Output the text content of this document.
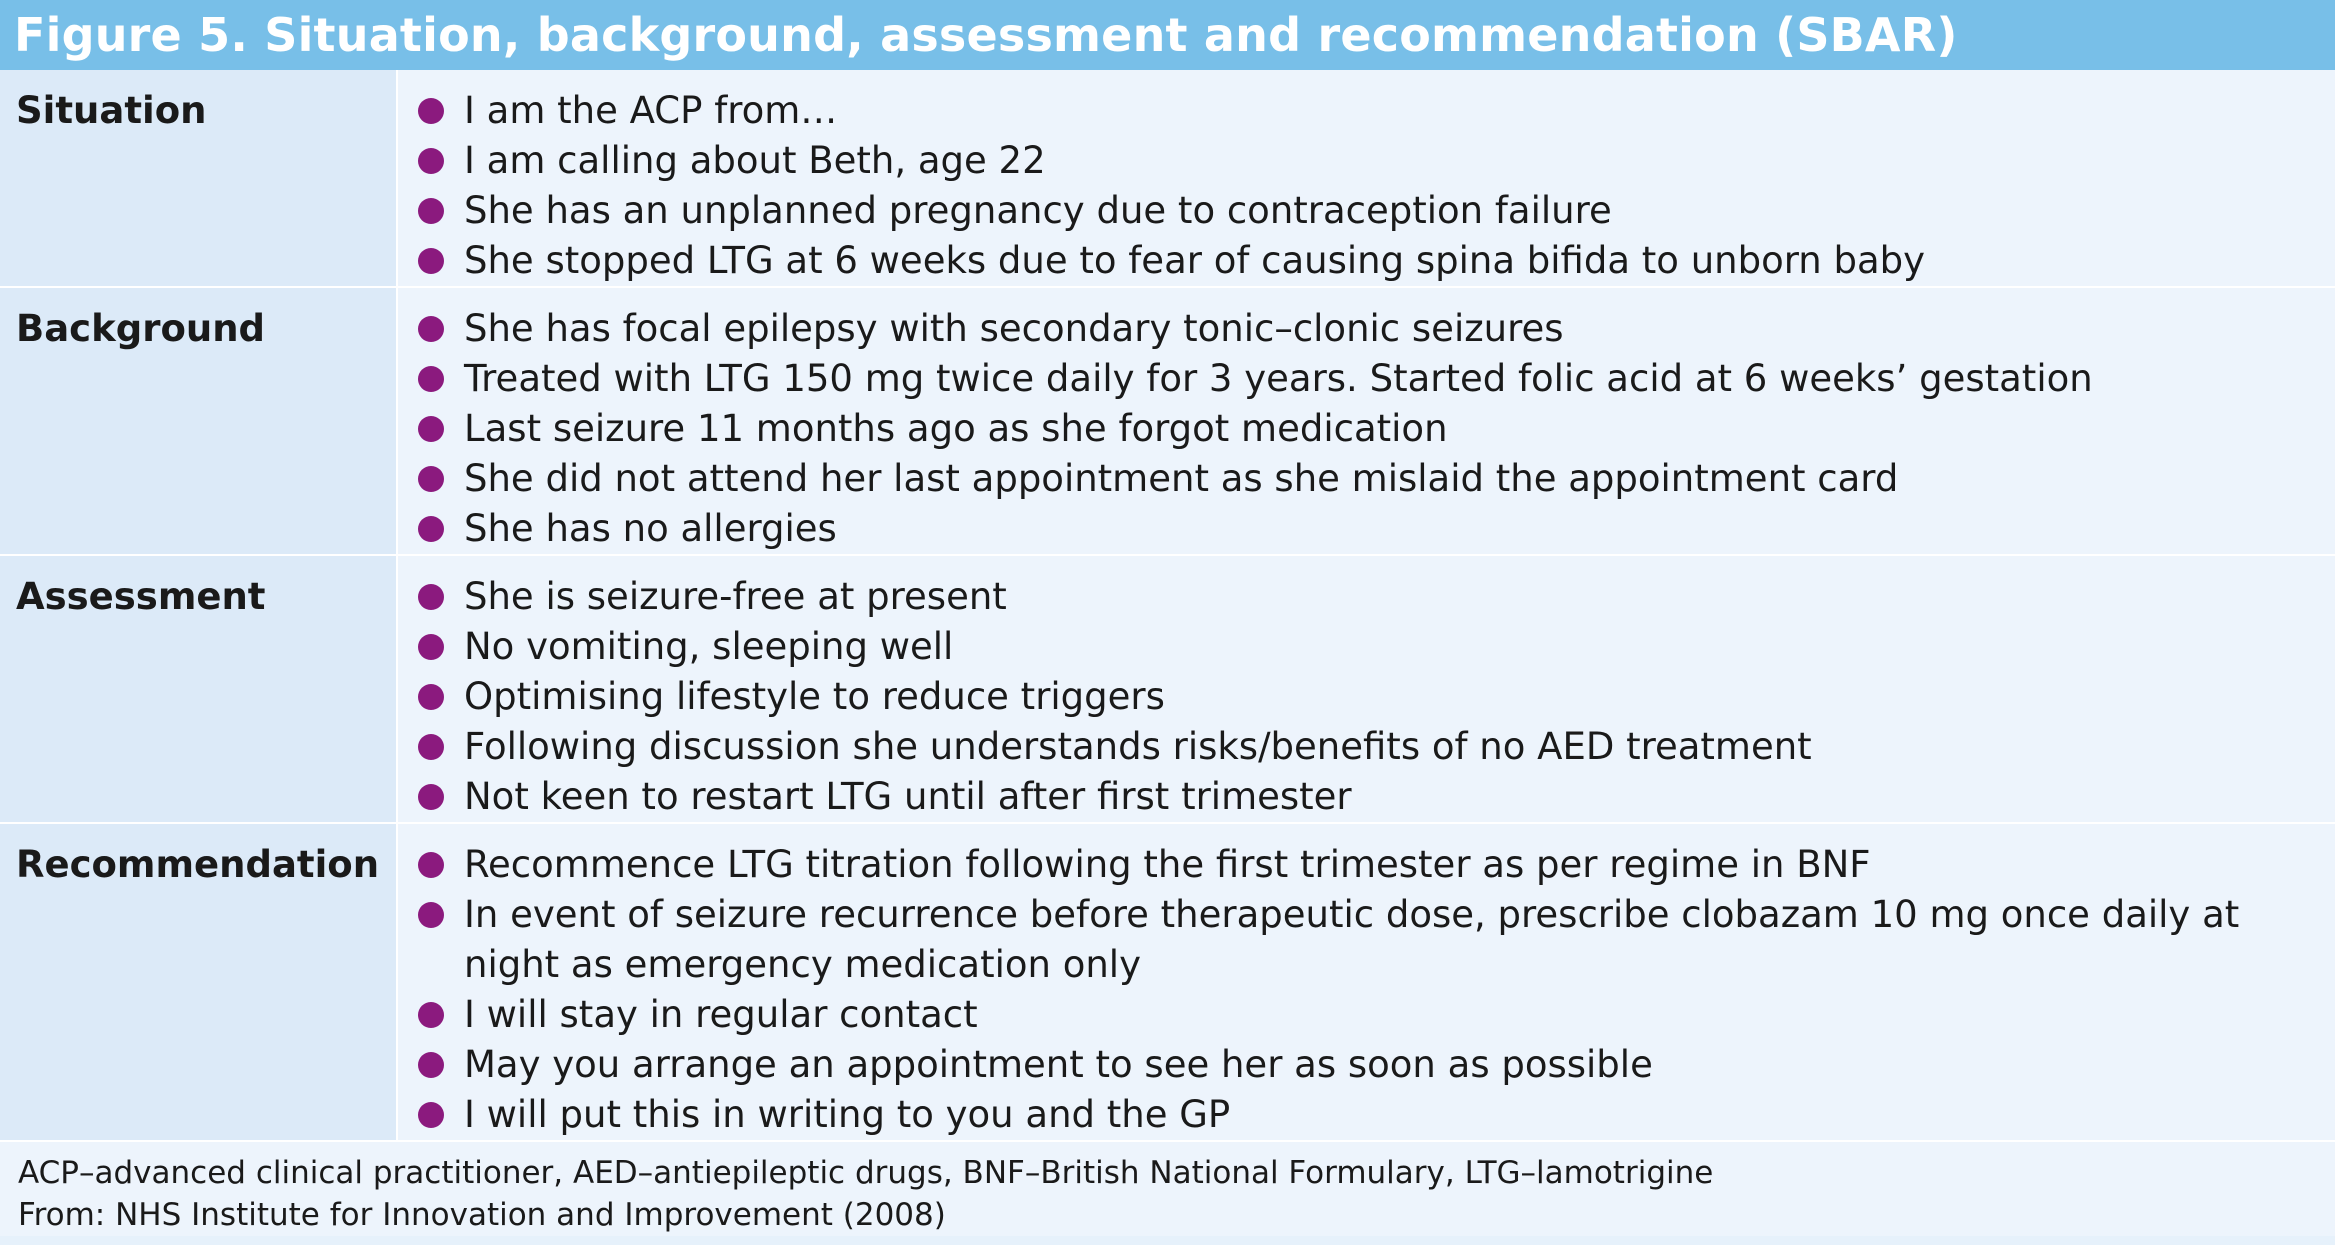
Figure 5. Situation, background, assessment and recommendation (SBAR)
Situation	I am the ACP from…
I am calling about Beth, age 22
She has an unplanned pregnancy due to contraception failure
She stopped LTG at 6 weeks due to fear of causing spina bifida to unborn baby
Background	She has focal epilepsy with secondary tonic–clonic seizures
Treated with LTG 150 mg twice daily for 3 years. Started folic acid at 6 weeks’ gestation
Last seizure 11 months ago as she forgot medication
She did not attend her last appointment as she mislaid the appointment card
She has no allergies
Assessment	She is seizure-free at present
No vomiting, sleeping well
Optimising lifestyle to reduce triggers
Following discussion she understands risks/benefits of no AED treatment
Not keen to restart LTG until after first trimester
Recommendation	Recommence LTG titration following the first trimester as per regime in BNF
In event of seizure recurrence before therapeutic dose, prescribe clobazam 10 mg once daily at night as emergency medication only
I will stay in regular contact
May you arrange an appointment to see her as soon as possible
I will put this in writing to you and the GP
ACP–advanced clinical practitioner, AED–antiepileptic drugs, BNF–British National Formulary, LTG–lamotrigine
From: NHS Institute for Innovation and Improvement (2008)
